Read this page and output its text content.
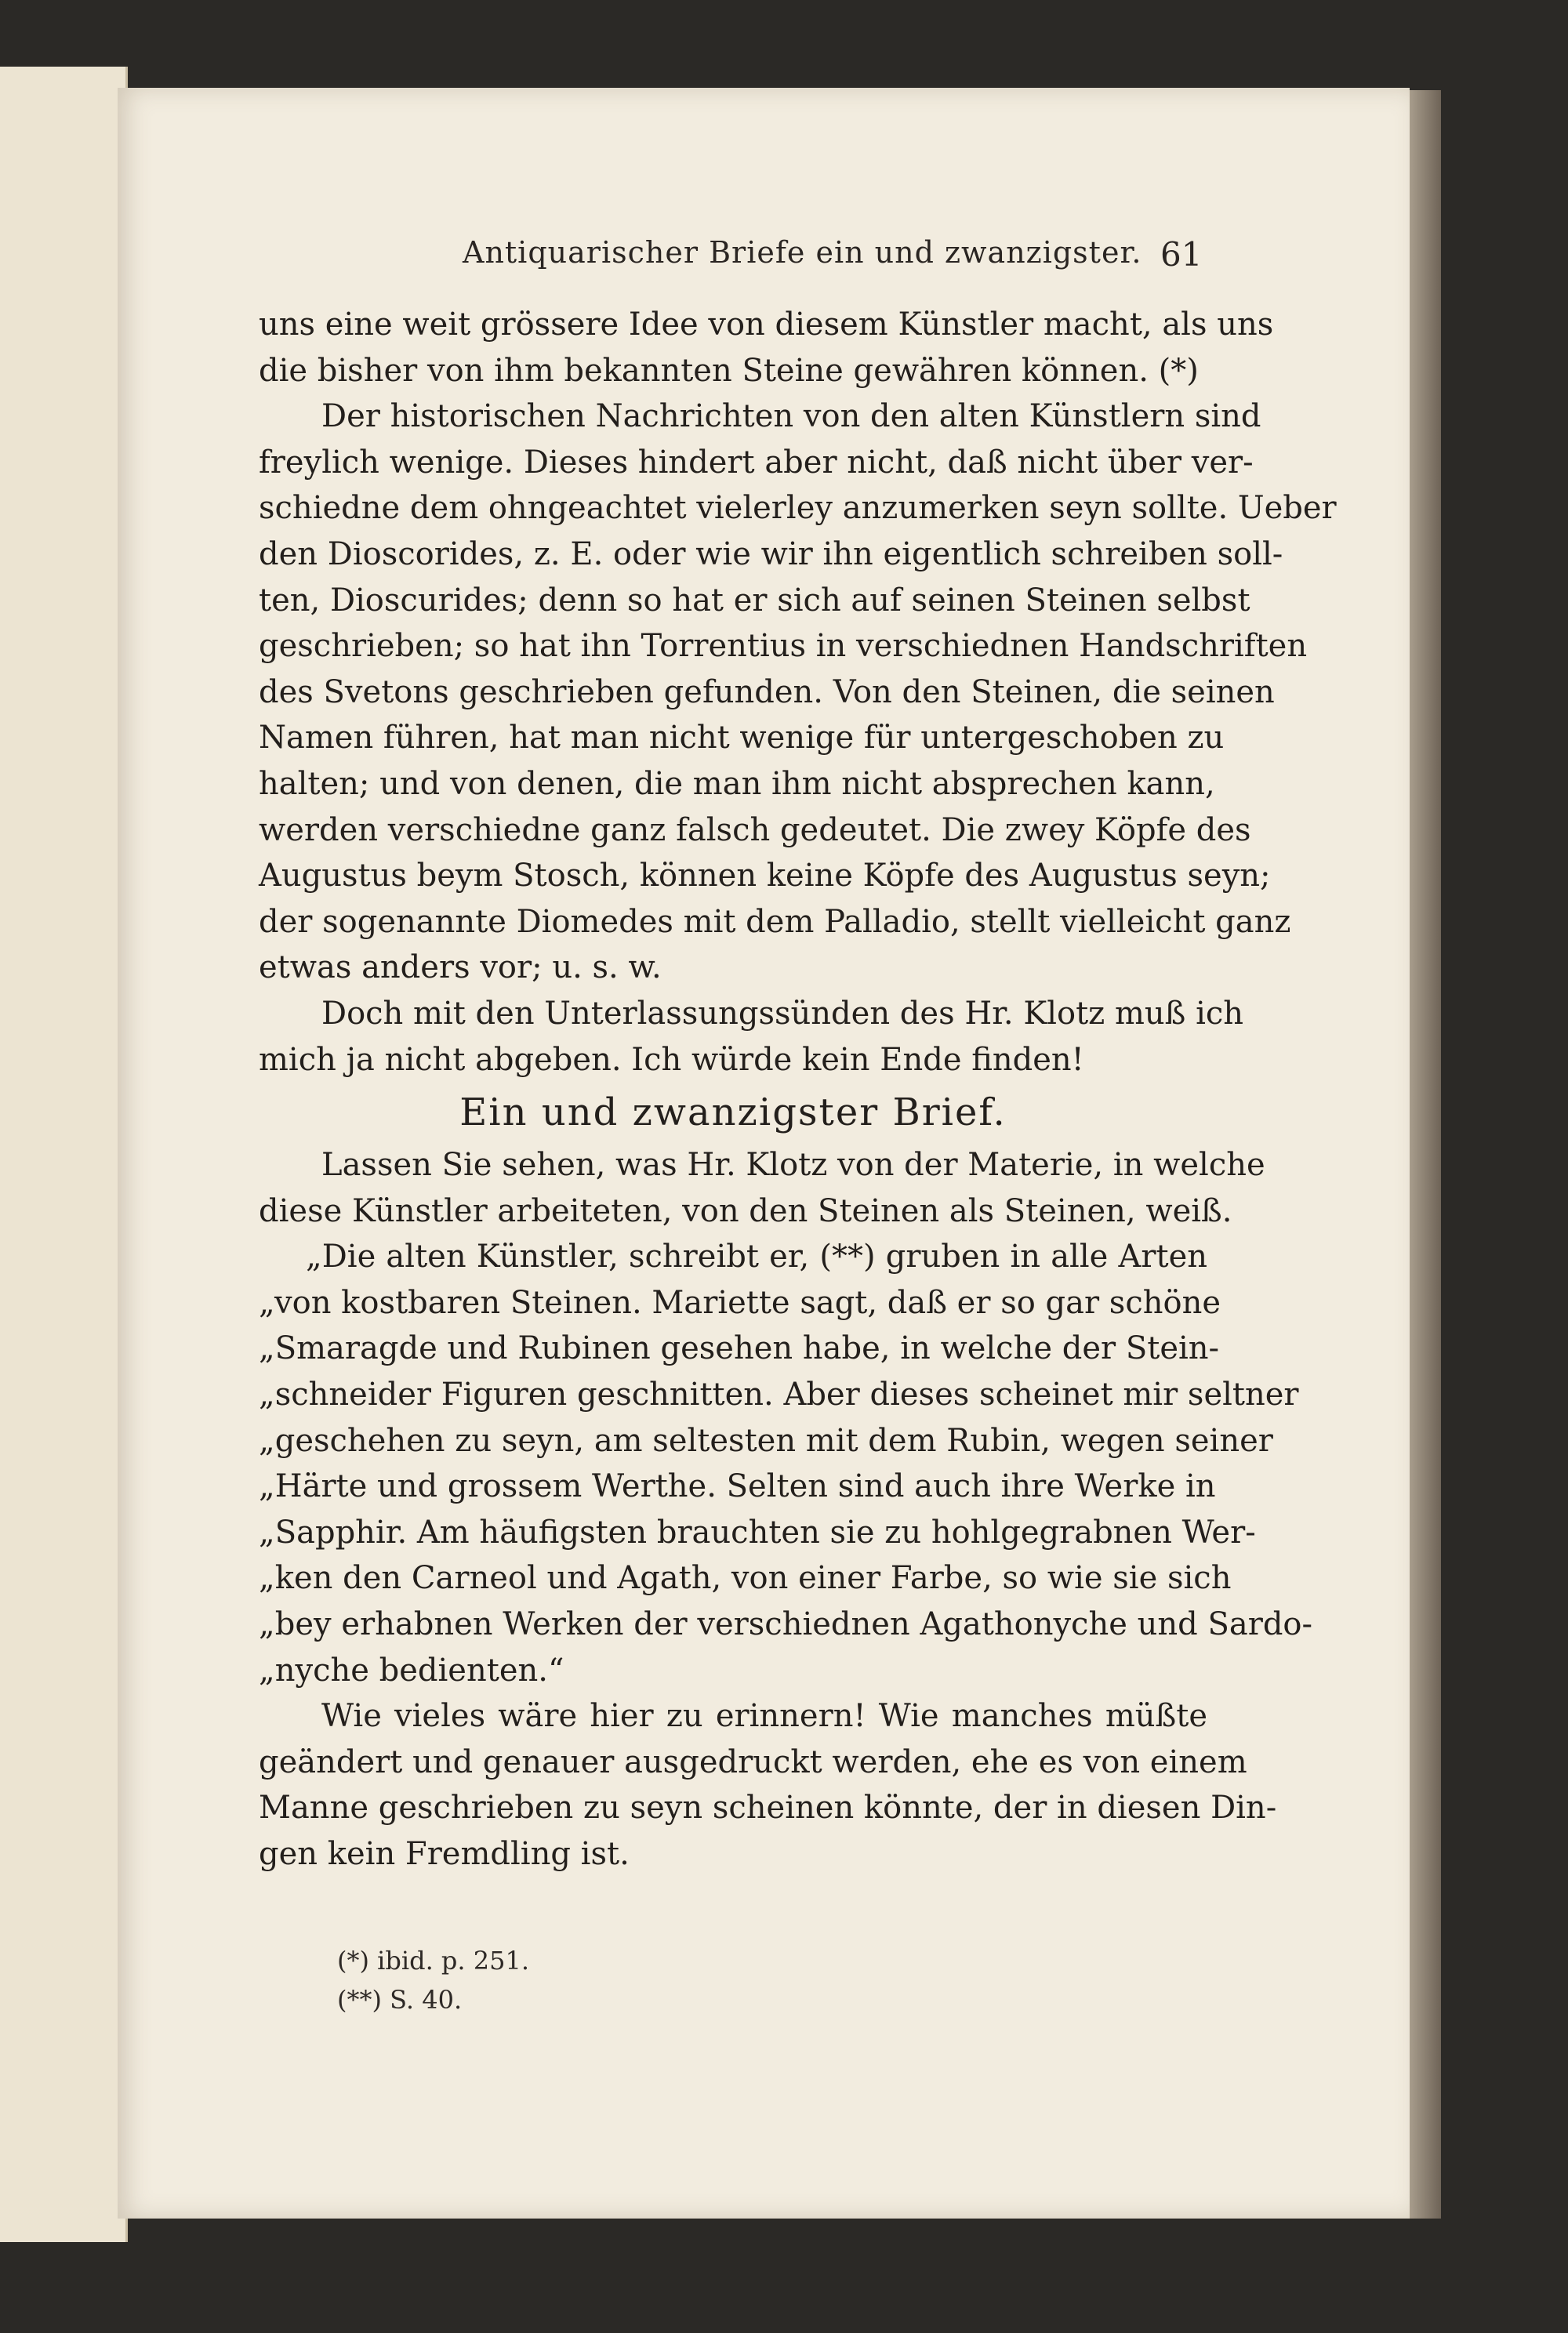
Antiquarischer Briefe ein und zwanzigster. 61
uns eine weit grössere Idee von diesem Künstler macht, als uns
die bisher von ihm bekannten Steine gewähren können. (*)
Der historischen Nachrichten von den alten Künstlern sind
freylich wenige. Dieses hindert aber nicht, daß nicht über ver-
schiedne dem ohngeachtet vielerley anzumerken seyn sollte. Ueber
den Dioscorides, z. E. oder wie wir ihn eigentlich schreiben soll-
ten, Dioscurides; denn so hat er sich auf seinen Steinen selbst
geschrieben; so hat ihn Torrentius in verschiednen Handschriften
des Svetons geschrieben gefunden. Von den Steinen, die seinen
Namen führen, hat man nicht wenige für untergeschoben zu
halten; und von denen, die man ihm nicht absprechen kann,
werden verschiedne ganz falsch gedeutet. Die zwey Köpfe des
Augustus beym Stosch, können keine Köpfe des Augustus seyn;
der sogenannte Diomedes mit dem Palladio, stellt vielleicht ganz
etwas anders vor; u. s. w.
Doch mit den Unterlassungssünden des Hr. Klotz muß ich
mich ja nicht abgeben. Ich würde kein Ende finden!
Ein und zwanzigster Brief.
Lassen Sie sehen, was Hr. Klotz von der Materie, in welche
diese Künstler arbeiteten, von den Steinen als Steinen, weiß.
„Die alten Künstler, schreibt er, (**) gruben in alle Arten
„von kostbaren Steinen. Mariette sagt, daß er so gar schöne
„Smaragde und Rubinen gesehen habe, in welche der Stein-
„schneider Figuren geschnitten. Aber dieses scheinet mir seltner
„geschehen zu seyn, am seltesten mit dem Rubin, wegen seiner
„Härte und grossem Werthe. Selten sind auch ihre Werke in
„Sapphir. Am häufigsten brauchten sie zu hohlgegrabnen Wer-
„ken den Carneol und Agath, von einer Farbe, so wie sie sich
„bey erhabnen Werken der verschiednen Agathonyche und Sardo-
„nyche bedienten.“
Wie vieles wäre hier zu erinnern! Wie manches müßte
geändert und genauer ausgedruckt werden, ehe es von einem
Manne geschrieben zu seyn scheinen könnte, der in diesen Din-
gen kein Fremdling ist.
(*) ibid. p. 251.
(**) S. 40.
